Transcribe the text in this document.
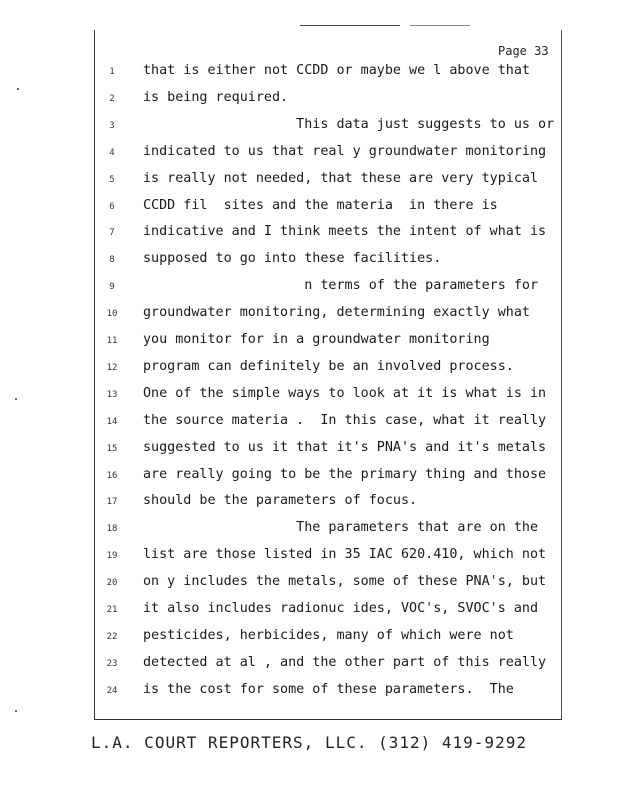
Page 33
1	that is either not CCDD or maybe we l above that
2	is being required.
3	This data just suggests to us or
4	indicated to us that real y groundwater monitoring
5	is really not needed, that these are very typical
6	CCDD fil  sites and the materia  in there is
7	indicative and I think meets the intent of what is
8	supposed to go into these facilities.
9	n terms of the parameters for
10	groundwater monitoring, determining exactly what
11	you monitor for in a groundwater monitoring
12	program can definitely be an involved process.
13	One of the simple ways to look at it is what is in
14	the source materia .  In this case, what it really
15	suggested to us it that it's PNA's and it's metals
16	are really going to be the primary thing and those
17	should be the parameters of focus.
18	The parameters that are on the
19	list are those listed in 35 IAC 620.410, which not
20	on y includes the metals, some of these PNA's, but
21	it also includes radionuc ides, VOC's, SVOC's and
22	pesticides, herbicides, many of which were not
23	detected at al , and the other part of this really
24	is the cost for some of these parameters.  The
L.A. COURT REPORTERS, LLC. (312) 419-9292
